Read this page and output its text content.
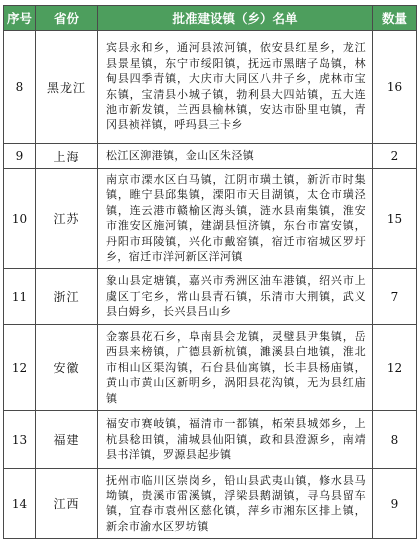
序号	省份	批准建设镇（乡）名单	数量
8	黑龙江	宾县永和乡，通河县浓河镇，依安县红星乡，龙江县景星镇，东宁市绥阳镇，抚远市黑瞎子岛镇，林甸县四季青镇，大庆市大同区八井子乡，虎林市宝东镇，宝清县小城子镇，勃利县大四站镇，五大连池市新发镇，兰西县榆林镇，安达市卧里屯镇，青冈县祯祥镇，呼玛县三卡乡	16
9	上海	松江区泖港镇，金山区朱泾镇	2
10	江苏	南京市溧水区白马镇，江阴市璜土镇，新沂市时集镇，睢宁县邱集镇，溧阳市天目湖镇，太仓市璜泾镇，连云港市赣榆区海头镇，涟水县南集镇，淮安市淮安区施河镇，建湖县恒济镇，东台市富安镇，丹阳市珥陵镇，兴化市戴窑镇，宿迁市宿城区罗圩乡，宿迁市洋河新区洋河镇	15
11	浙江	象山县定塘镇，嘉兴市秀洲区油车港镇，绍兴市上虞区丁宅乡，常山县青石镇，乐清市大荆镇，武义县白姆乡，长兴县吕山乡	7
12	安徽	金寨县花石乡，阜南县会龙镇，灵璧县尹集镇，岳西县来榜镇，广德县新杭镇，濉溪县白地镇，淮北市相山区渠沟镇，石台县仙寓镇，长丰县杨庙镇，黄山市黄山区新明乡，涡阳县花沟镇，无为县红庙镇	12
13	福建	福安市赛岐镇，福清市一都镇，柘荣县城郊乡，上杭县稔田镇，浦城县仙阳镇，政和县澄源乡，南靖县书洋镇，罗源县起步镇	8
14	江西	抚州市临川区崇岗乡，铅山县武夷山镇，修水县马坳镇，贵溪市雷溪镇，浮梁县鹅湖镇，寻乌县留车镇，宜春市袁州区慈化镇，萍乡市湘东区排上镇，新余市渝水区罗坊镇	9
